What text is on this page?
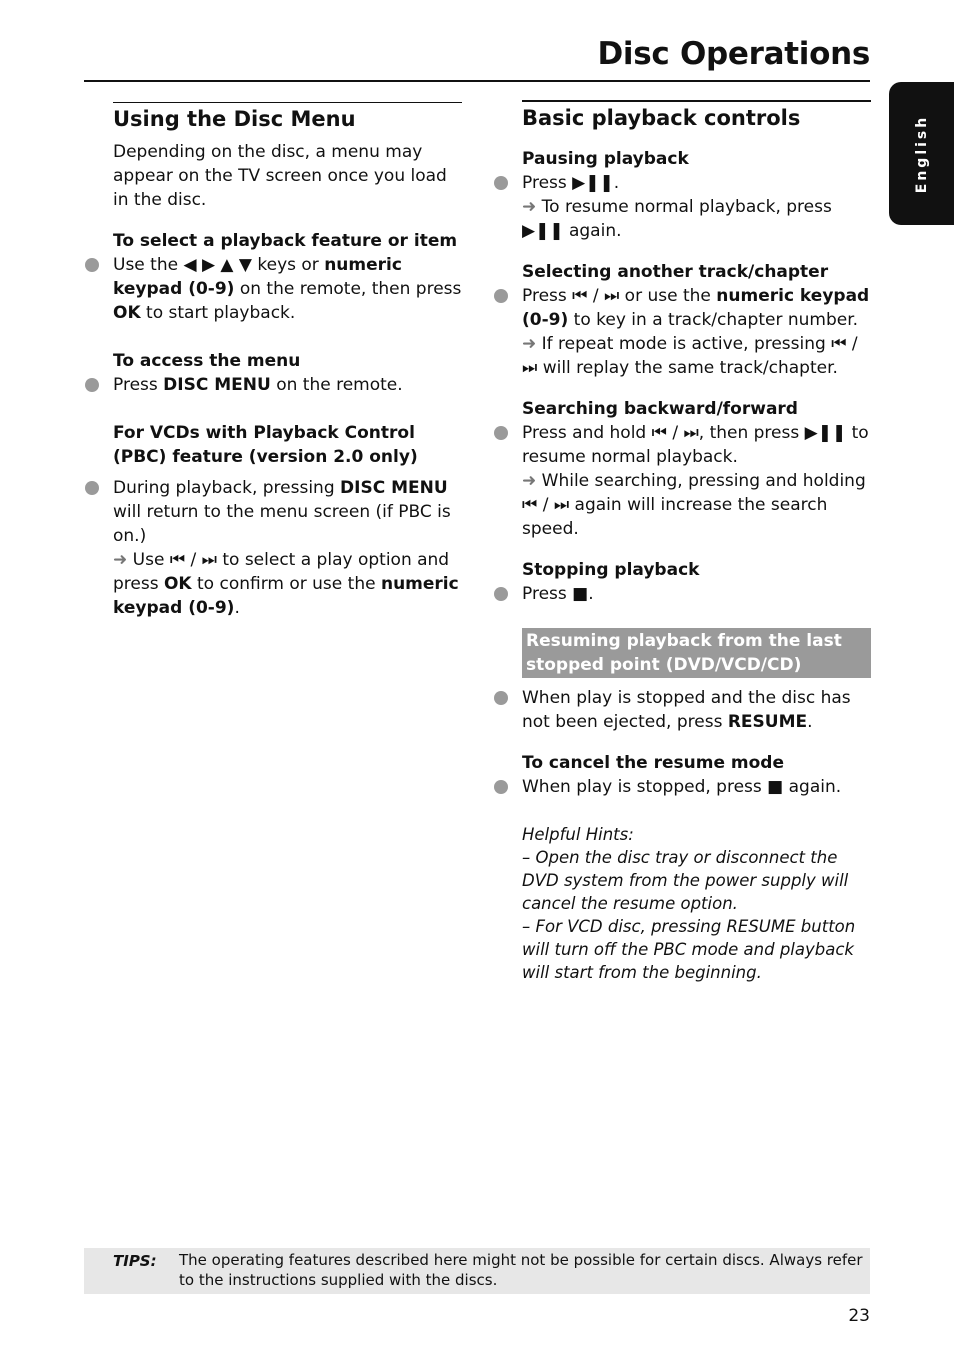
Disc Operations
English
Using the Disc Menu

Depending on the disc, a menu may appear on the TV screen once you load in the disc.

To select a playback feature or item

Use the ◀ ▶ ▲ ▼ keys or numeric keypad (0-9) on the remote, then press OK to start playback.

To access the menu

Press DISC MENU on the remote.

For VCDs with Playback Control (PBC) feature (version 2.0 only)

During playback, pressing DISC MENU will return to the menu screen (if PBC is on.)
➜ Use ⏮ / ⏭ to select a play option and press OK to confirm or use the numeric keypad (0-9).

Basic playback controls
Pausing playback

Press ▶❚❚.
➜ To resume normal playback, press ▶❚❚ again.

Selecting another track/chapter

Press ⏮ / ⏭ or use the numeric keypad (0-9) to key in a track/chapter number.
➜ If repeat mode is active, pressing ⏮ / ⏭ will replay the same track/chapter.

Searching backward/forward

Press and hold ⏮ / ⏭, then press ▶❚❚ to resume normal playback.
➜ While searching, pressing and holding ⏮ / ⏭ again will increase the search speed.

Stopping playback

Press ■.

Resuming playback from the last stopped point (DVD/VCD/CD)

When play is stopped and the disc has not been ejected, press RESUME.

To cancel the resume mode

When play is stopped, press ■ again.

Helpful Hints:
– Open the disc tray or disconnect the DVD system from the power supply will cancel the resume option.
– For VCD disc, pressing RESUME button will turn off the PBC mode and playback will start from the beginning.
TIPS: The operating features described here might not be possible for certain discs. Always refer to the instructions supplied with the discs.
23
